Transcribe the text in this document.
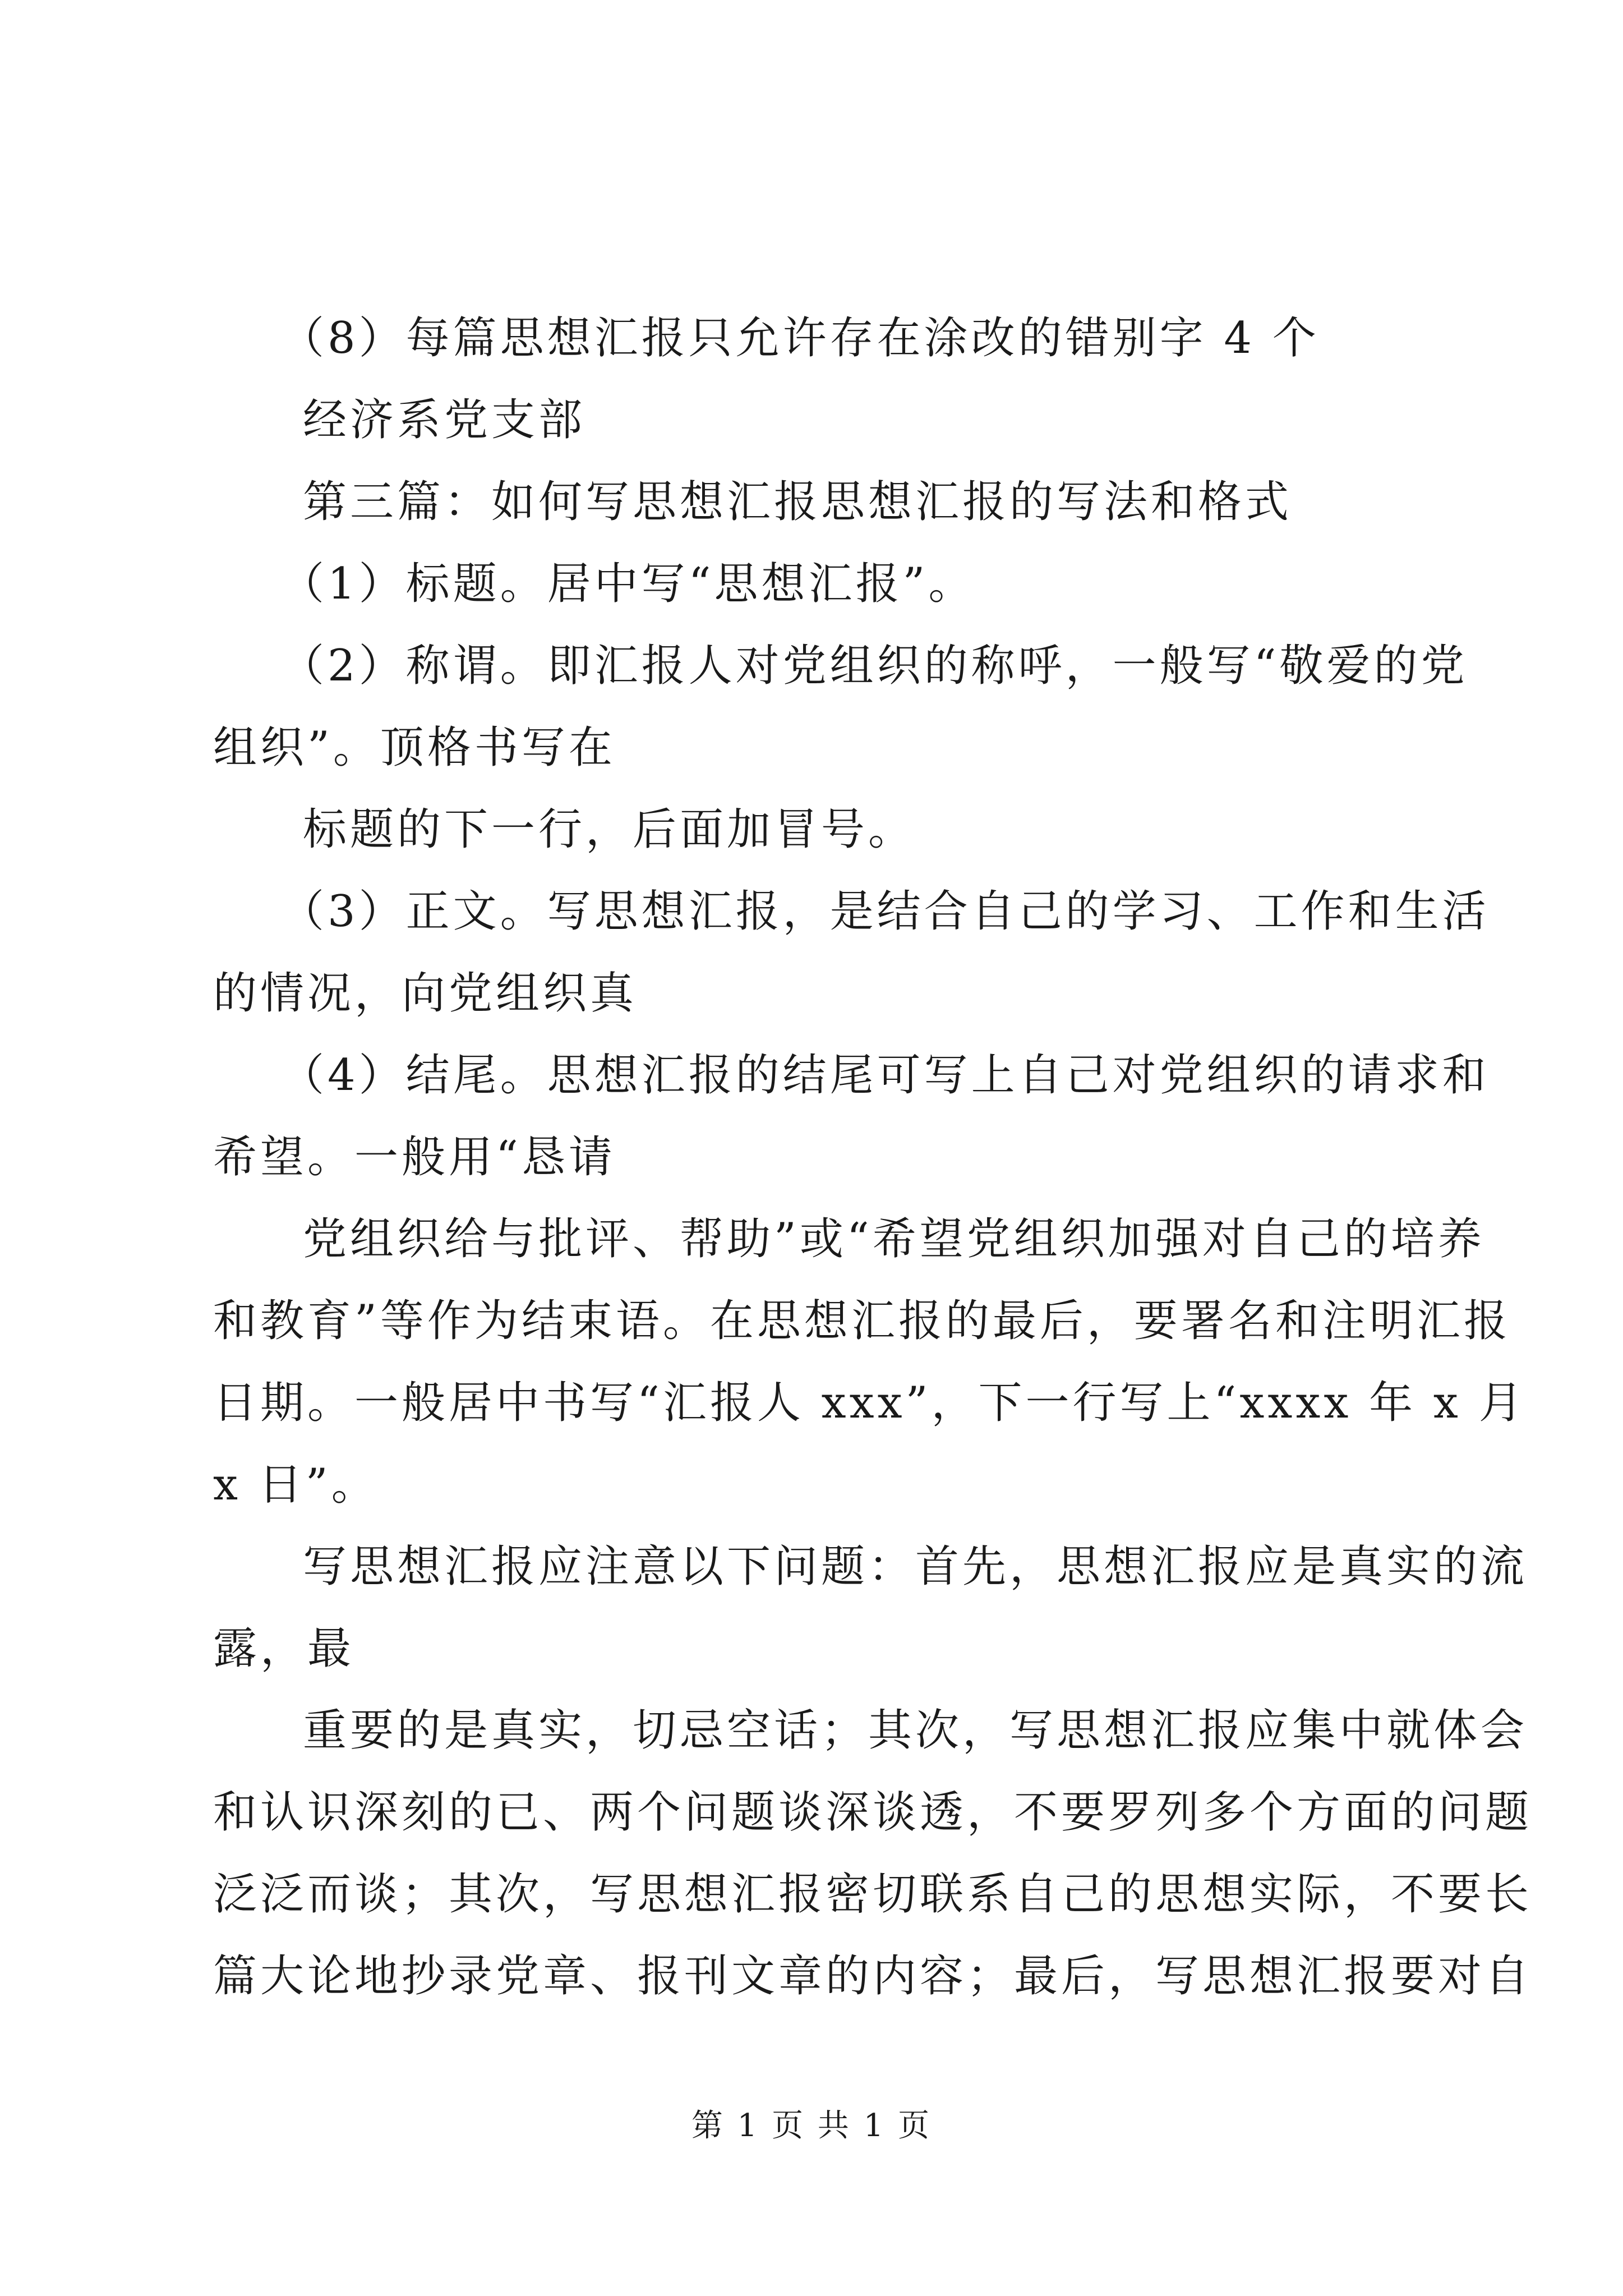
（8）每篇思想汇报只允许存在涂改的错别字 4 个
经济系党支部
第三篇：如何写思想汇报思想汇报的写法和格式
（1）标题。居中写“思想汇报”。
（2）称谓。即汇报人对党组织的称呼，一般写“敬爱的党
组织”。顶格书写在
标题的下一行，后面加冒号。
（3）正文。写思想汇报，是结合自己的学习、工作和生活
的情况，向党组织真
（4）结尾。思想汇报的结尾可写上自己对党组织的请求和
希望。一般用“恳请
党组织给与批评、帮助”或“希望党组织加强对自己的培养
和教育”等作为结束语。在思想汇报的最后，要署名和注明汇报
日期。一般居中书写“汇报人 xxx”，下一行写上“xxxx 年 x 月
x 日”。
写思想汇报应注意以下问题：首先，思想汇报应是真实的流
露，最
重要的是真实，切忌空话；其次，写思想汇报应集中就体会
和认识深刻的已、两个问题谈深谈透，不要罗列多个方面的问题
泛泛而谈；其次，写思想汇报密切联系自己的思想实际，不要长
篇大论地抄录党章、报刊文章的内容；最后，写思想汇报要对自
第 1 页 共 1 页
